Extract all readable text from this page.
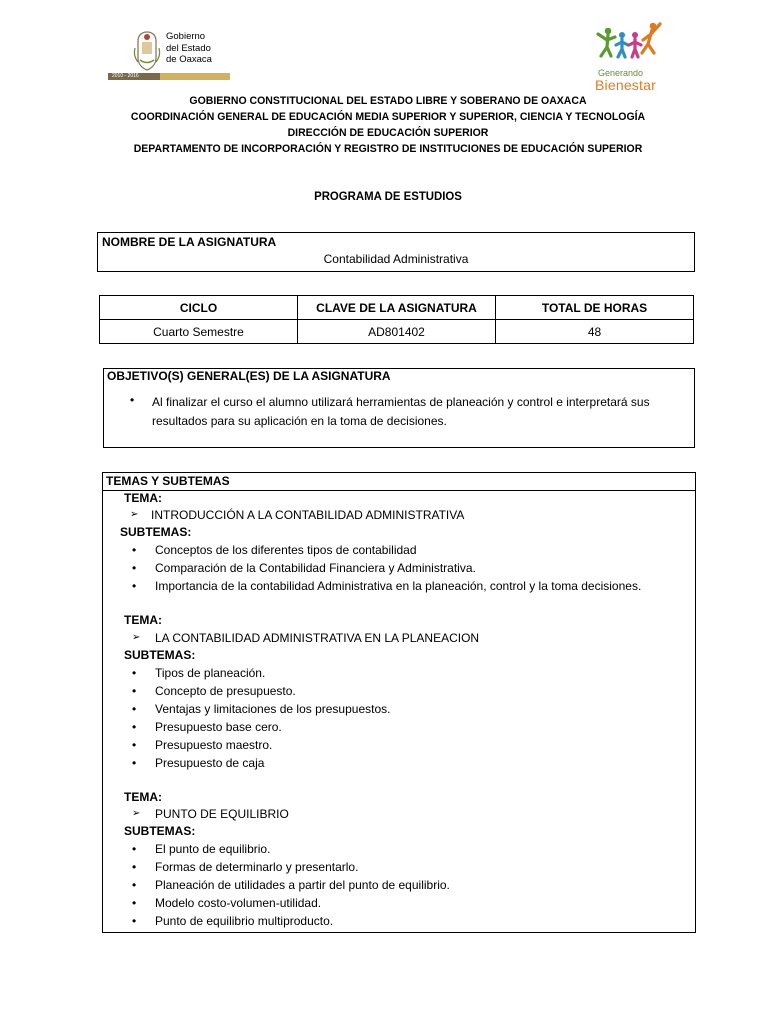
Gobierno
del Estado
de Oaxaca
2010 - 2016	Generando
Bienestar
GOBIERNO CONSTITUCIONAL DEL ESTADO LIBRE Y SOBERANO DE OAXACA
COORDINACIÓN GENERAL DE EDUCACIÓN MEDIA SUPERIOR Y SUPERIOR, CIENCIA Y TECNOLOGÍA
DIRECCIÓN DE EDUCACIÓN SUPERIOR
DEPARTAMENTO DE INCORPORACIÓN Y REGISTRO DE INSTITUCIONES DE EDUCACIÓN SUPERIOR
PROGRAMA DE ESTUDIOS
NOMBRE DE LA ASIGNATURA
Contabilidad Administrativa
CICLO	CLAVE DE LA ASIGNATURA	TOTAL DE HORAS
Cuarto Semestre	AD801402	48
OBJETIVO(S) GENERAL(ES) DE LA ASIGNATURA
• Al finalizar el curso el alumno utilizará herramientas de planeación y control e interpretará sus
resultados para su aplicación en la toma de decisiones.
TEMAS Y SUBTEMAS
TEMA:
➢ INTRODUCCIÓN A LA CONTABILIDAD ADMINISTRATIVA
SUBTEMAS:
• Conceptos de los diferentes tipos de contabilidad
• Comparación de la Contabilidad Financiera y Administrativa.
• Importancia de la contabilidad Administrativa en la planeación, control y la toma decisiones.
TEMA:
➢ LA CONTABILIDAD ADMINISTRATIVA EN LA PLANEACION
SUBTEMAS:
• Tipos de planeación.
• Concepto de presupuesto.
• Ventajas y limitaciones de los presupuestos.
• Presupuesto base cero.
• Presupuesto maestro.
• Presupuesto de caja
TEMA:
➢ PUNTO DE EQUILIBRIO
SUBTEMAS:
• El punto de equilibrio.
• Formas de determinarlo y presentarlo.
• Planeación de utilidades a partir del punto de equilibrio.
• Modelo costo-volumen-utilidad.
• Punto de equilibrio multiproducto.
